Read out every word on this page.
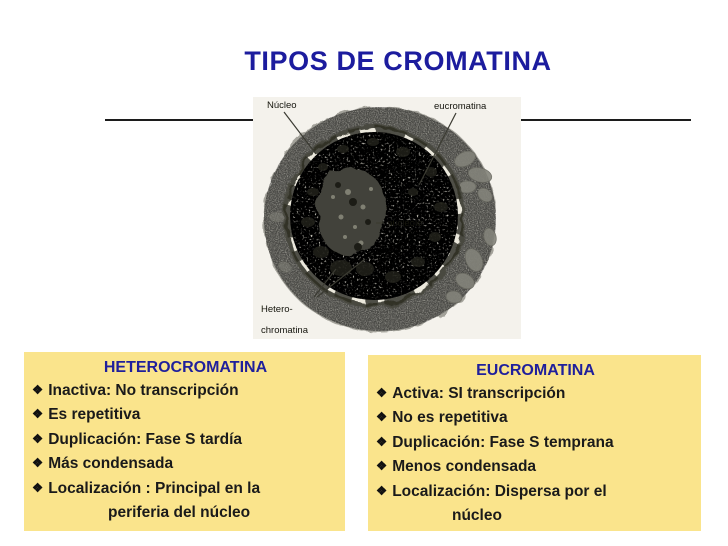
TIPOS DE CROMATINA
Núcleo	eucromatina
nucleolo
Hetero-
chromatina
HETEROCROMATINA
❖ Inactiva: No transcripción
❖ Es repetitiva
❖ Duplicación: Fase S tardía
❖ Más condensada
❖ Localización : Principal en la
periferia del núcleo
EUCROMATINA
❖ Activa: SI transcripción
❖ No es repetitiva
❖ Duplicación: Fase S temprana
❖ Menos condensada
❖ Localización: Dispersa por el
núcleo
